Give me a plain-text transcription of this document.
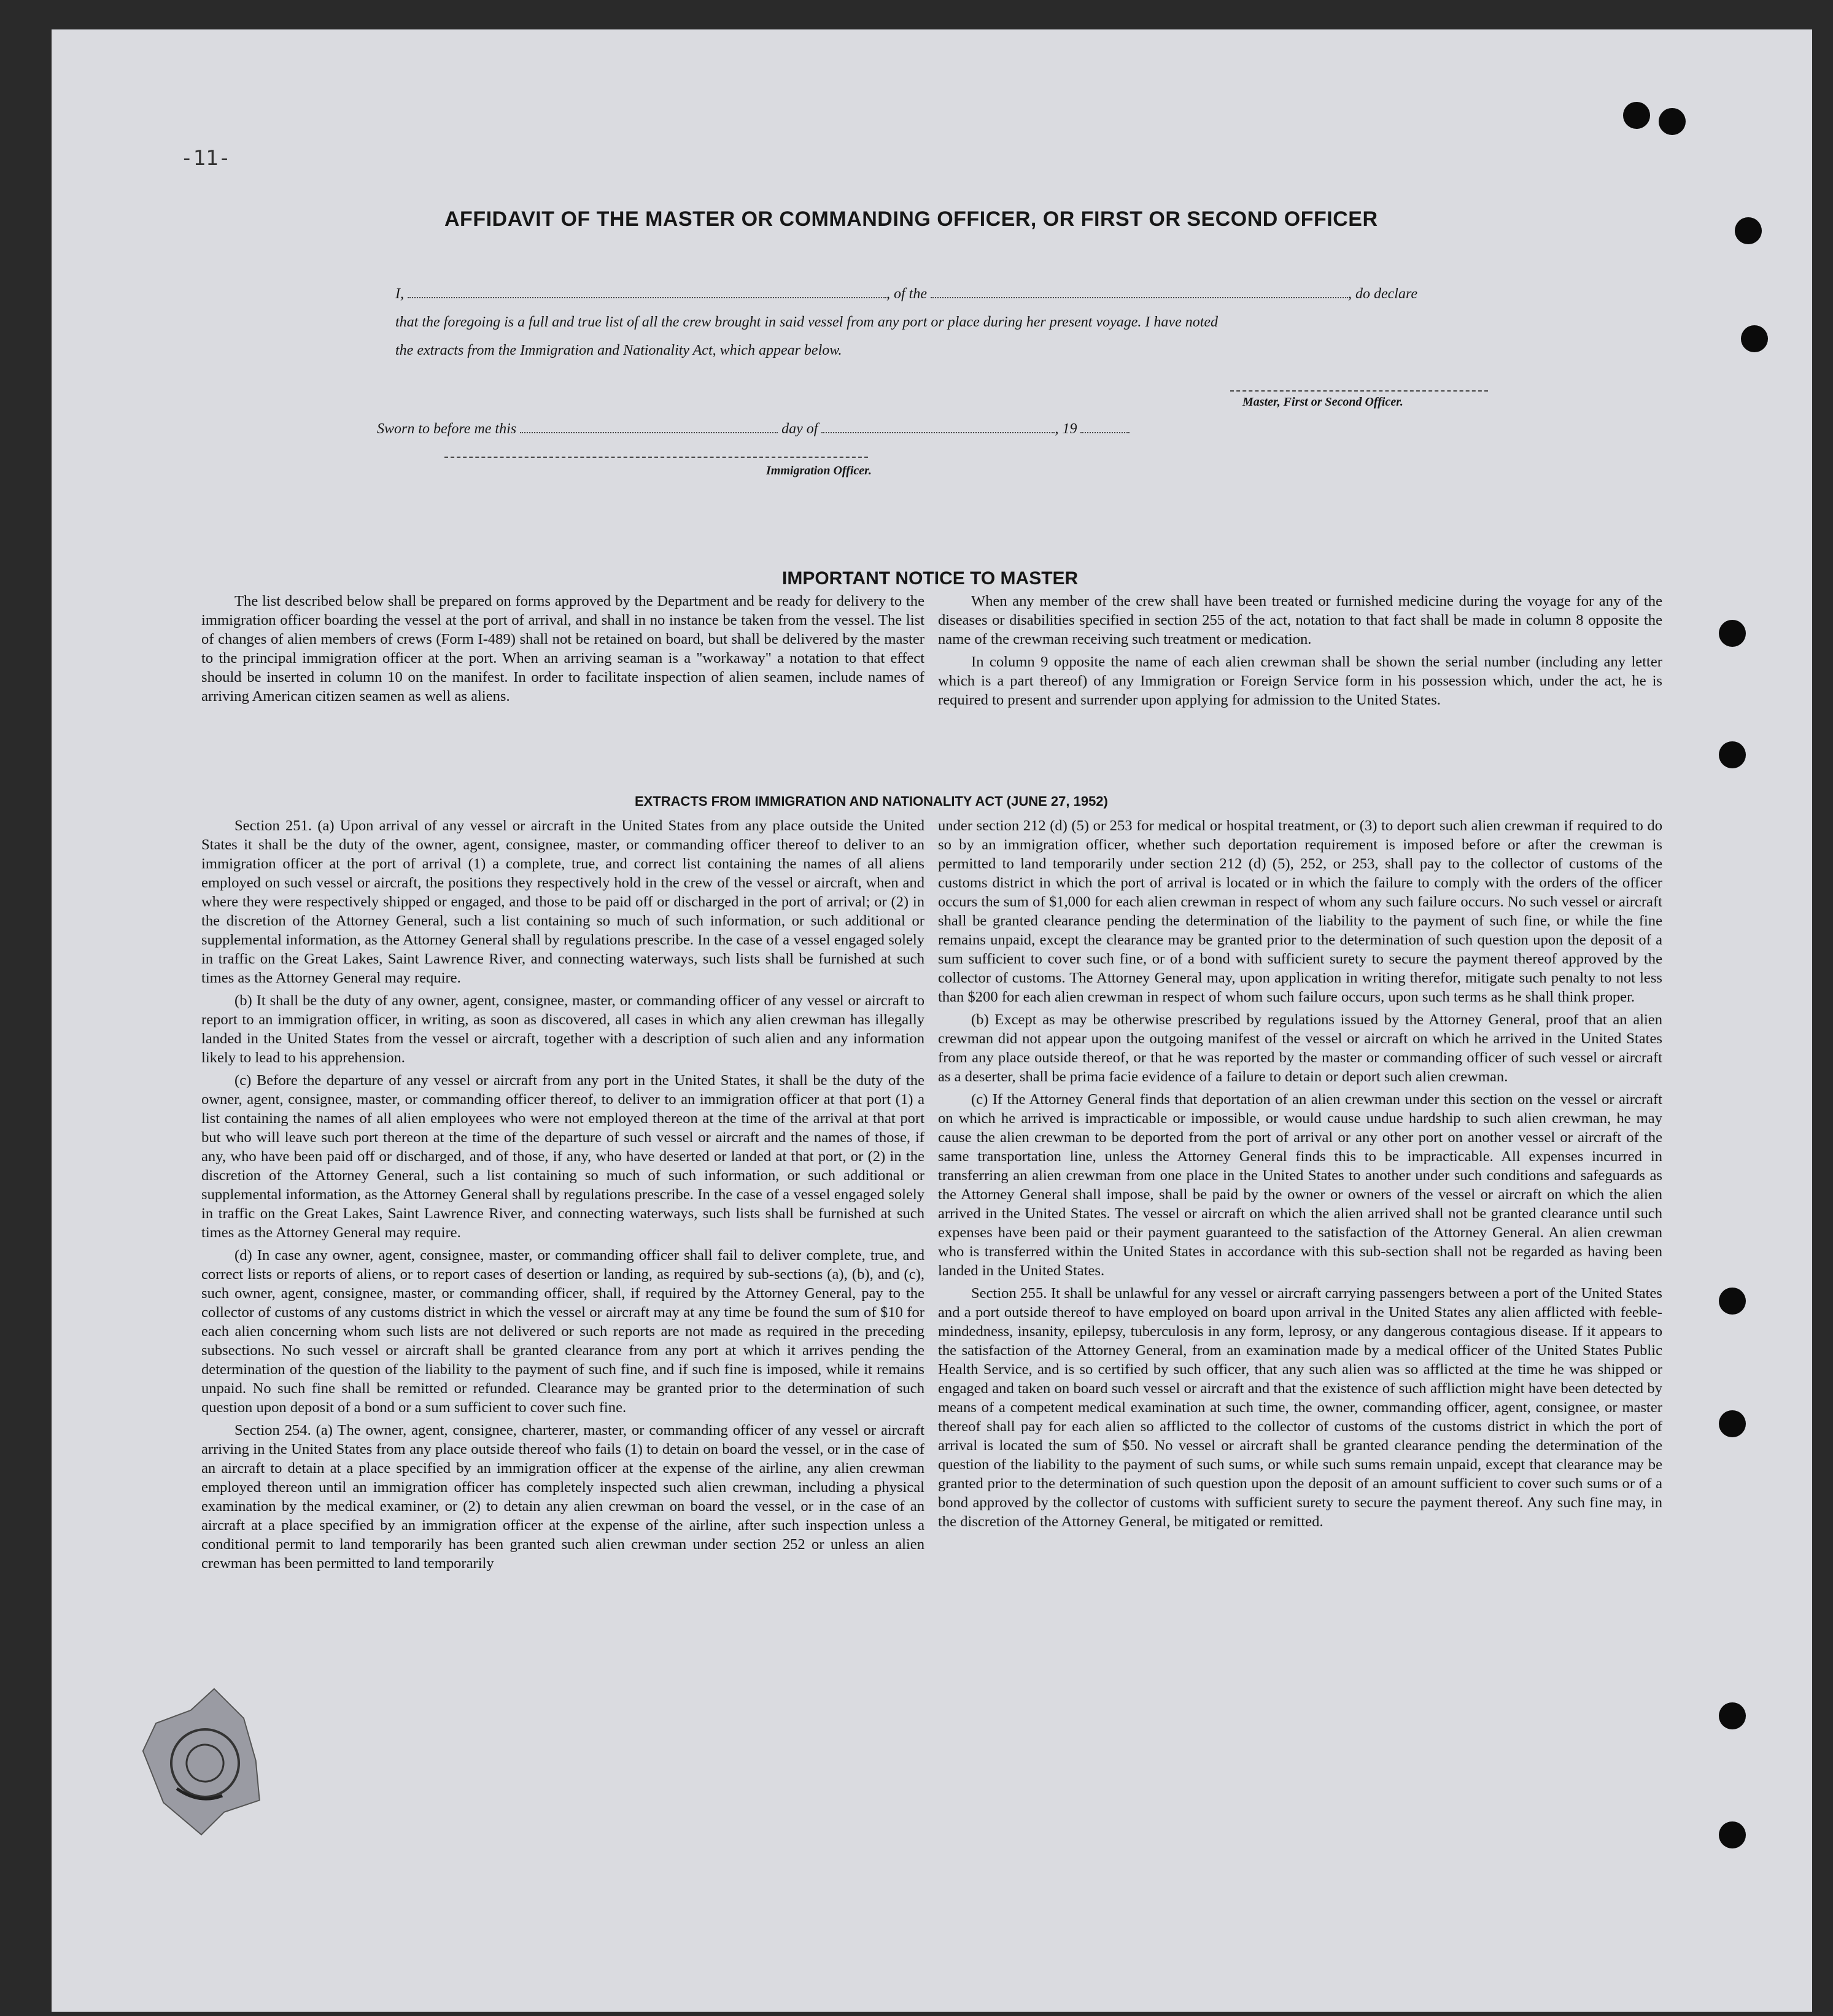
-11-
AFFIDAVIT OF THE MASTER OR COMMANDING OFFICER, OR FIRST OR SECOND OFFICER
I,	, of the	, do declare
that the foregoing is a full and true list of all the crew brought in said vessel from any port or place during her present voyage. I have noted
the extracts from the Immigration and Nationality Act, which appear below.
Master, First or Second Officer.
Sworn to before me this	day of	, 19
Immigration Officer.
IMPORTANT NOTICE TO MASTER

The list described below shall be prepared on forms approved by the Department and be ready for delivery to the immigration officer boarding the vessel at the port of arrival, and shall in no instance be taken from the vessel. The list of changes of alien members of crews (Form I-489) shall not be retained on board, but shall be delivered by the master to the principal immigration officer at the port. When an arriving seaman is a "workaway" a notation to that effect should be inserted in column 10 on the manifest. In order to facilitate inspection of alien seamen, include names of arriving American citizen seamen as well as aliens.

When any member of the crew shall have been treated or furnished medicine during the voyage for any of the diseases or disabilities specified in section 255 of the act, notation to that fact shall be made in column 8 opposite the name of the crewman receiving such treatment or medication.

In column 9 opposite the name of each alien crewman shall be shown the serial number (including any letter which is a part thereof) of any Immigration or Foreign Service form in his possession which, under the act, he is required to present and surrender upon applying for admission to the United States.

EXTRACTS FROM IMMIGRATION AND NATIONALITY ACT (JUNE 27, 1952)

Section 251. (a) Upon arrival of any vessel or aircraft in the United States from any place outside the United States it shall be the duty of the owner, agent, consignee, master, or commanding officer thereof to deliver to an immigration officer at the port of arrival (1) a complete, true, and correct list containing the names of all aliens employed on such vessel or aircraft, the positions they respectively hold in the crew of the vessel or aircraft, when and where they were respectively shipped or engaged, and those to be paid off or discharged in the port of arrival; or (2) in the discretion of the Attorney General, such a list containing so much of such information, or such additional or supplemental information, as the Attorney General shall by regulations prescribe. In the case of a vessel engaged solely in traffic on the Great Lakes, Saint Lawrence River, and connecting waterways, such lists shall be furnished at such times as the Attorney General may require.

(b) It shall be the duty of any owner, agent, consignee, master, or commanding officer of any vessel or aircraft to report to an immigration officer, in writing, as soon as discovered, all cases in which any alien crewman has illegally landed in the United States from the vessel or aircraft, together with a description of such alien and any information likely to lead to his apprehension.

(c) Before the departure of any vessel or aircraft from any port in the United States, it shall be the duty of the owner, agent, consignee, master, or commanding officer thereof, to deliver to an immigration officer at that port (1) a list containing the names of all alien employees who were not employed thereon at the time of the arrival at that port but who will leave such port thereon at the time of the departure of such vessel or aircraft and the names of those, if any, who have been paid off or discharged, and of those, if any, who have deserted or landed at that port, or (2) in the discretion of the Attorney General, such a list containing so much of such information, or such additional or supplemental information, as the Attorney General shall by regulations prescribe. In the case of a vessel engaged solely in traffic on the Great Lakes, Saint Lawrence River, and connecting waterways, such lists shall be furnished at such times as the Attorney General may require.

(d) In case any owner, agent, consignee, master, or commanding officer shall fail to deliver complete, true, and correct lists or reports of aliens, or to report cases of desertion or landing, as required by sub-sections (a), (b), and (c), such owner, agent, consignee, master, or commanding officer, shall, if required by the Attorney General, pay to the collector of customs of any customs district in which the vessel or aircraft may at any time be found the sum of $10 for each alien concerning whom such lists are not delivered or such reports are not made as required in the preceding subsections. No such vessel or aircraft shall be granted clearance from any port at which it arrives pending the determination of the question of the liability to the payment of such fine, and if such fine is imposed, while it remains unpaid. No such fine shall be remitted or refunded. Clearance may be granted prior to the determination of such question upon deposit of a bond or a sum sufficient to cover such fine.

Section 254. (a) The owner, agent, consignee, charterer, master, or commanding officer of any vessel or aircraft arriving in the United States from any place outside thereof who fails (1) to detain on board the vessel, or in the case of an aircraft to detain at a place specified by an immigration officer at the expense of the airline, any alien crewman employed thereon until an immigration officer has completely inspected such alien crewman, including a physical examination by the medical examiner, or (2) to detain any alien crewman on board the vessel, or in the case of an aircraft at a place specified by an immigration officer at the expense of the airline, after such inspection unless a conditional permit to land temporarily has been granted such alien crewman under section 252 or unless an alien crewman has been permitted to land temporarily

under section 212 (d) (5) or 253 for medical or hospital treatment, or (3) to deport such alien crewman if required to do so by an immigration officer, whether such deportation requirement is imposed before or after the crewman is permitted to land temporarily under section 212 (d) (5), 252, or 253, shall pay to the collector of customs of the customs district in which the port of arrival is located or in which the failure to comply with the orders of the officer occurs the sum of $1,000 for each alien crewman in respect of whom any such failure occurs. No such vessel or aircraft shall be granted clearance pending the determination of the liability to the payment of such fine, or while the fine remains unpaid, except the clearance may be granted prior to the determination of such question upon the deposit of a sum sufficient to cover such fine, or of a bond with sufficient surety to secure the payment thereof approved by the collector of customs. The Attorney General may, upon application in writing therefor, mitigate such penalty to not less than $200 for each alien crewman in respect of whom such failure occurs, upon such terms as he shall think proper.

(b) Except as may be otherwise prescribed by regulations issued by the Attorney General, proof that an alien crewman did not appear upon the outgoing manifest of the vessel or aircraft on which he arrived in the United States from any place outside thereof, or that he was reported by the master or commanding officer of such vessel or aircraft as a deserter, shall be prima facie evidence of a failure to detain or deport such alien crewman.

(c) If the Attorney General finds that deportation of an alien crewman under this section on the vessel or aircraft on which he arrived is impracticable or impossible, or would cause undue hardship to such alien crewman, he may cause the alien crewman to be deported from the port of arrival or any other port on another vessel or aircraft of the same transportation line, unless the Attorney General finds this to be impracticable. All expenses incurred in transferring an alien crewman from one place in the United States to another under such conditions and safeguards as the Attorney General shall impose, shall be paid by the owner or owners of the vessel or aircraft on which the alien arrived in the United States. The vessel or aircraft on which the alien arrived shall not be granted clearance until such expenses have been paid or their payment guaranteed to the satisfaction of the Attorney General. An alien crewman who is transferred within the United States in accordance with this sub-section shall not be regarded as having been landed in the United States.

Section 255. It shall be unlawful for any vessel or aircraft carrying passengers between a port of the United States and a port outside thereof to have employed on board upon arrival in the United States any alien afflicted with feeble-mindedness, insanity, epilepsy, tuberculosis in any form, leprosy, or any dangerous contagious disease. If it appears to the satisfaction of the Attorney General, from an examination made by a medical officer of the United States Public Health Service, and is so certified by such officer, that any such alien was so afflicted at the time he was shipped or engaged and taken on board such vessel or aircraft and that the existence of such affliction might have been detected by means of a competent medical examination at such time, the owner, commanding officer, agent, consignee, or master thereof shall pay for each alien so afflicted to the collector of customs of the customs district in which the port of arrival is located the sum of $50. No vessel or aircraft shall be granted clearance pending the determination of the question of the liability to the payment of such sums, or while such sums remain unpaid, except that clearance may be granted prior to the determination of such question upon the deposit of an amount sufficient to cover such sums or of a bond approved by the collector of customs with sufficient surety to secure the payment thereof. Any such fine may, in the discretion of the Attorney General, be mitigated or remitted.
